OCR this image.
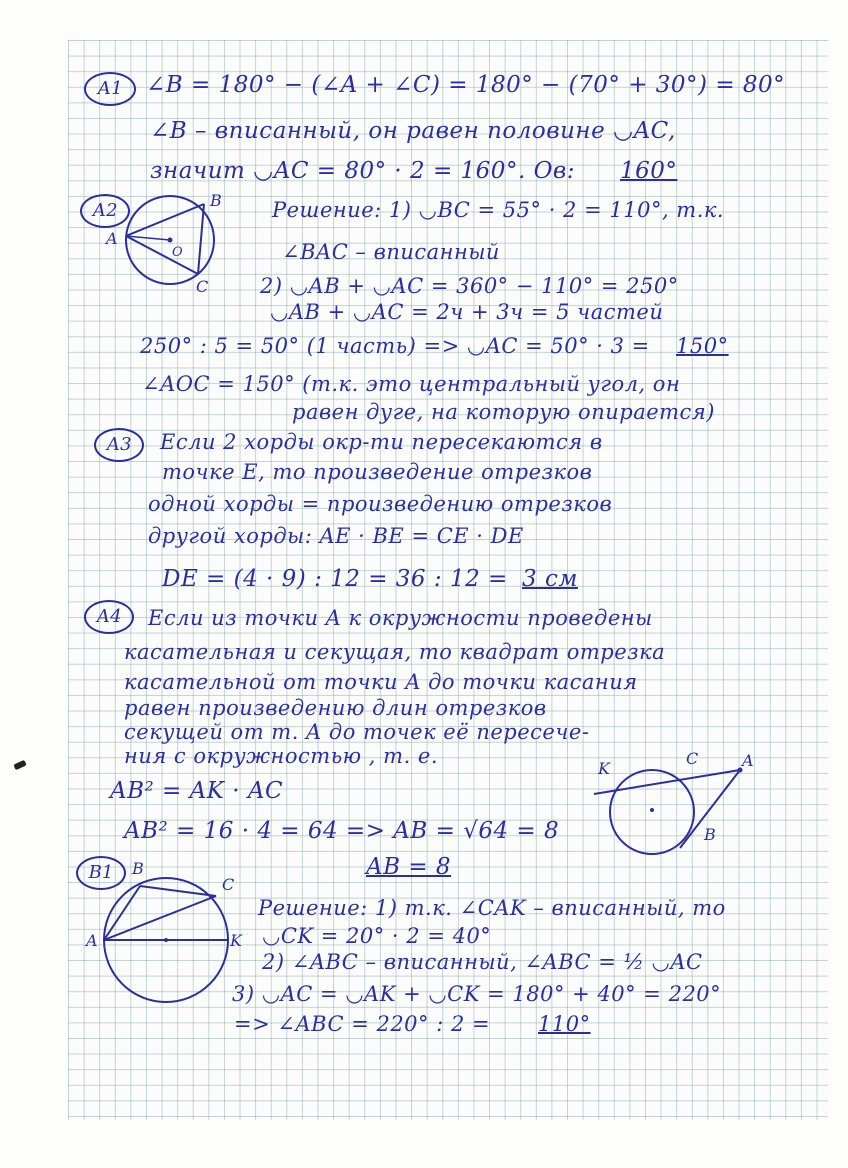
А1	∠B = 180° − (∠A + ∠C) = 180° − (70° + 30°) = 80°
∠B – вписанный, он равен половине ◡AC,
значит ◡AC = 80° · 2 = 160°. Ов: 160°
А2
A
B
O
C
Решение: 1) ◡BC = 55° · 2 = 110°, т.к.
∠BAC – вписанный
2) ◡AB + ◡AC = 360° − 110° = 250°
◡AB + ◡AC = 2ч + 3ч = 5 частей
250° : 5 = 50° (1 часть) => ◡AC = 50° · 3 = 150°
∠AOC = 150° (т.к. это центральный угол, он
равен дуге, на которую опирается)
А3	Если 2 хорды окр-ти пересекаются в
точке E, то произведение отрезков
одной хорды = произведению отрезков
другой хорды: AE · BE = CE · DE
DE = (4 · 9) : 12 = 36 : 12 = 3 см
А4	Если из точки A к окружности проведены
касательная и секущая, то квадрат отрезка
касательной от точки A до точки касания
равен произведению длин отрезков
секущей от т. A до точек её пересече-
ния с окружностью , т. е.
AB² = AK · AC
AB² = 16 · 4 = 64 => AB = √64 = 8
AB = 8
K
C	A
B
В1	B
C
A	K
Решение: 1) т.к. ∠CAK – вписанный, то
◡CK = 20° · 2 = 40°
2) ∠ABC – вписанный, ∠ABC = ½ ◡AC
3) ◡AC = ◡AK + ◡CK = 180° + 40° = 220°
=> ∠ABC = 220° : 2 = 110°
